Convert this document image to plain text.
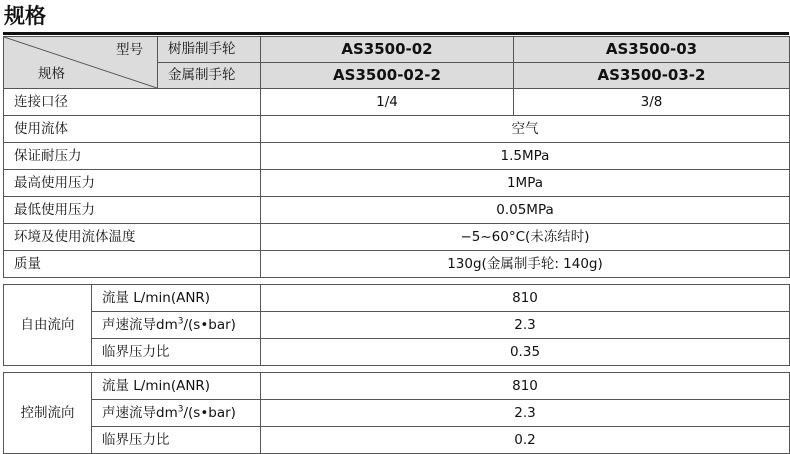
规格
型号
规格		树脂制手轮	AS3500-02	AS3500-03
		金属制手轮	AS3500-02-2	AS3500-03-2
连接口径			1/4	3/8
使用流体			空气	
保证耐压力			1.5MPa	
最高使用压力			1MPa	
最低使用压力			0.05MPa	
环境及使用流体温度			−5~60°C(未冻结时)	
质量			130g(金属制手轮: 140g)	

自由流向	流量 L/min(ANR)		810	
	声速流导$dm^3/(s•bar)$		2.3	
	临界压力比		0.35	

控制流向	流量 L/min(ANR)		810	
	声速流导$dm^3/(s•bar)$		2.3	
	临界压力比		0.2	
